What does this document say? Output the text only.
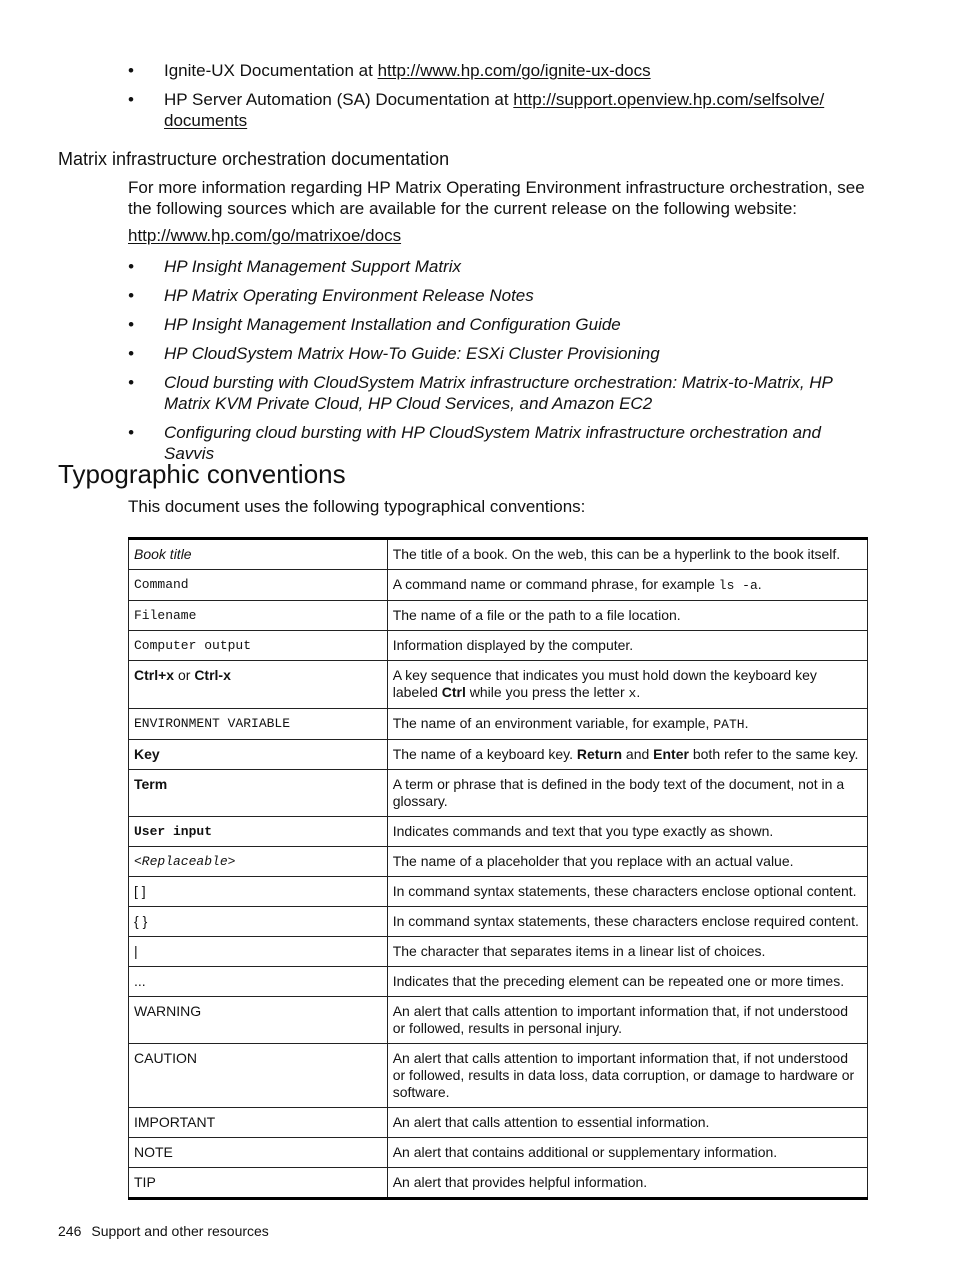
• Ignite-UX Documentation at http://www.hp.com/go/ignite-ux-docs
• HP Server Automation (SA) Documentation at http://support.openview.hp.com/selfsolve/
documents
Matrix infrastructure orchestration documentation
For more information regarding HP Matrix Operating Environment infrastructure orchestration, see the following sources which are available for the current release on the following website:
http://www.hp.com/go/matrixoe/docs
• HP Insight Management Support Matrix
• HP Matrix Operating Environment Release Notes
• HP Insight Management Installation and Configuration Guide
• HP CloudSystem Matrix How-To Guide: ESXi Cluster Provisioning
• Cloud bursting with CloudSystem Matrix infrastructure orchestration: Matrix-to-Matrix, HP Matrix KVM Private Cloud, HP Cloud Services, and Amazon EC2
• Configuring cloud bursting with HP CloudSystem Matrix infrastructure orchestration and Savvis
Typographic conventions
This document uses the following typographical conventions:
Book title	The title of a book. On the web, this can be a hyperlink to the book itself.
Command	A command name or command phrase, for example ls -a.
Filename	The name of a file or the path to a file location.
Computer output	Information displayed by the computer.
Ctrl+x or Ctrl-x	A key sequence that indicates you must hold down the keyboard key labeled Ctrl while you press the letter x.
ENVIRONMENT VARIABLE	The name of an environment variable, for example, PATH.
Key	The name of a keyboard key. Return and Enter both refer to the same key.
Term	A term or phrase that is defined in the body text of the document, not in a glossary.
User input	Indicates commands and text that you type exactly as shown.
<Replaceable>	The name of a placeholder that you replace with an actual value.
[ ]	In command syntax statements, these characters enclose optional content.
{ }	In command syntax statements, these characters enclose required content.
|	The character that separates items in a linear list of choices.
...	Indicates that the preceding element can be repeated one or more times.
WARNING	An alert that calls attention to important information that, if not understood or followed, results in personal injury.
CAUTION	An alert that calls attention to important information that, if not understood or followed, results in data loss, data corruption, or damage to hardware or software.
IMPORTANT	An alert that calls attention to essential information.
NOTE	An alert that contains additional or supplementary information.
TIP	An alert that provides helpful information.
246 Support and other resources
